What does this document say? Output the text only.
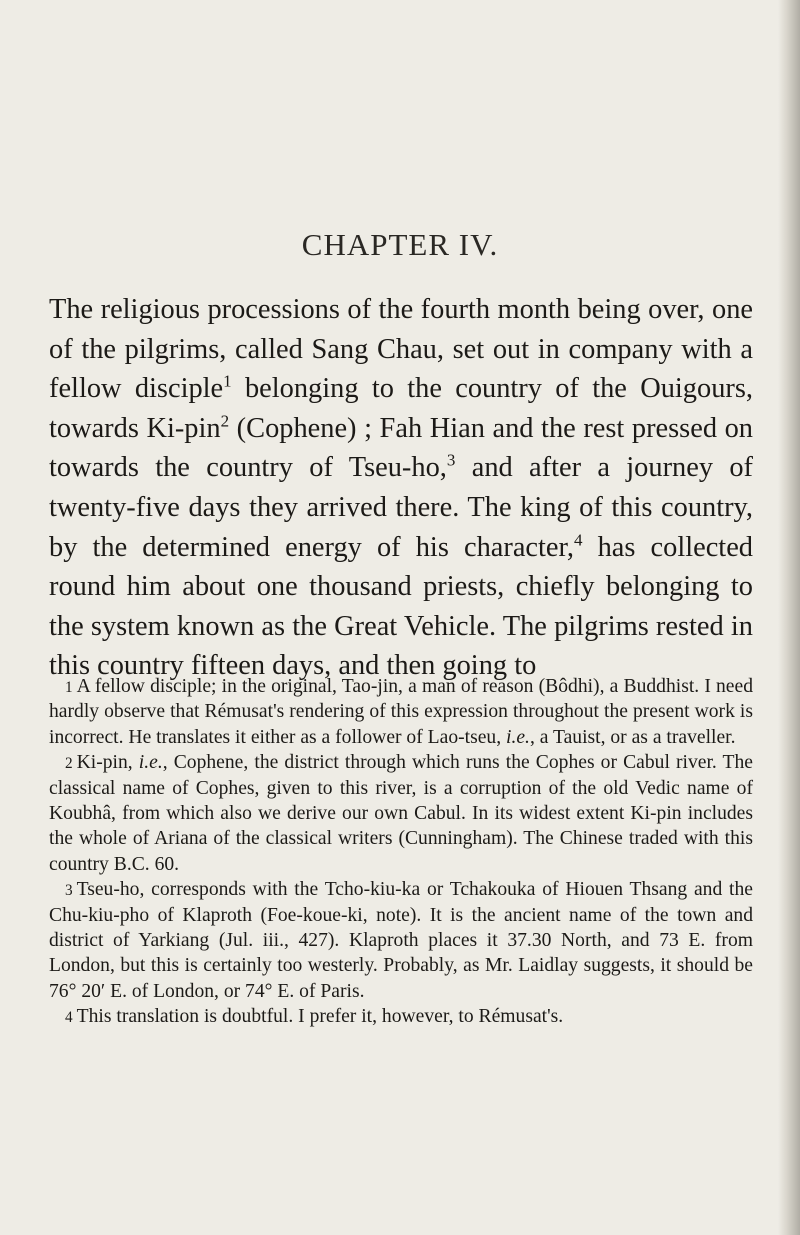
CHAPTER IV.

The religious processions of the fourth month being over, one of the pilgrims, called Sang Chau, set out in company with a fellow disciple$^1$ belonging to the country of the Ouigours, towards Ki-pin$^2$ (Cophene) ; Fah Hian and the rest pressed on towards the country of Tseu-ho,$^3$ and after a journey of twenty-five days they arrived there. The king of this country, by the determined energy of his character,$^4$ has collected round him about one thousand priests, chiefly belonging to the system known as the Great Vehicle. The pilgrims rested in this country fifteen days, and then going to

1 A fellow disciple; in the original, Tao-jin, a man of reason (Bôdhi), a Buddhist. I need hardly observe that Rémusat's rendering of this expression throughout the present work is incorrect. He translates it either as a follower of Lao-tseu, i.e., a Tauist, or as a traveller.

2 Ki-pin, i.e., Cophene, the district through which runs the Cophes or Cabul river. The classical name of Cophes, given to this river, is a corruption of the old Vedic name of Koubhâ, from which also we derive our own Cabul. In its widest extent Ki-pin includes the whole of Ariana of the classical writers (Cunningham). The Chinese traded with this country B.C. 60.

3 Tseu-ho, corresponds with the Tcho-kiu-ka or Tchakouka of Hiouen Thsang and the Chu-kiu-pho of Klaproth (Foe-koue-ki, note). It is the ancient name of the town and district of Yarkiang (Jul. iii., 427). Klaproth places it 37.30 North, and 73 E. from London, but this is certainly too westerly. Probably, as Mr. Laidlay suggests, it should be 76° 20′ E. of London, or 74° E. of Paris.

4 This translation is doubtful. I prefer it, however, to Rémusat's.
